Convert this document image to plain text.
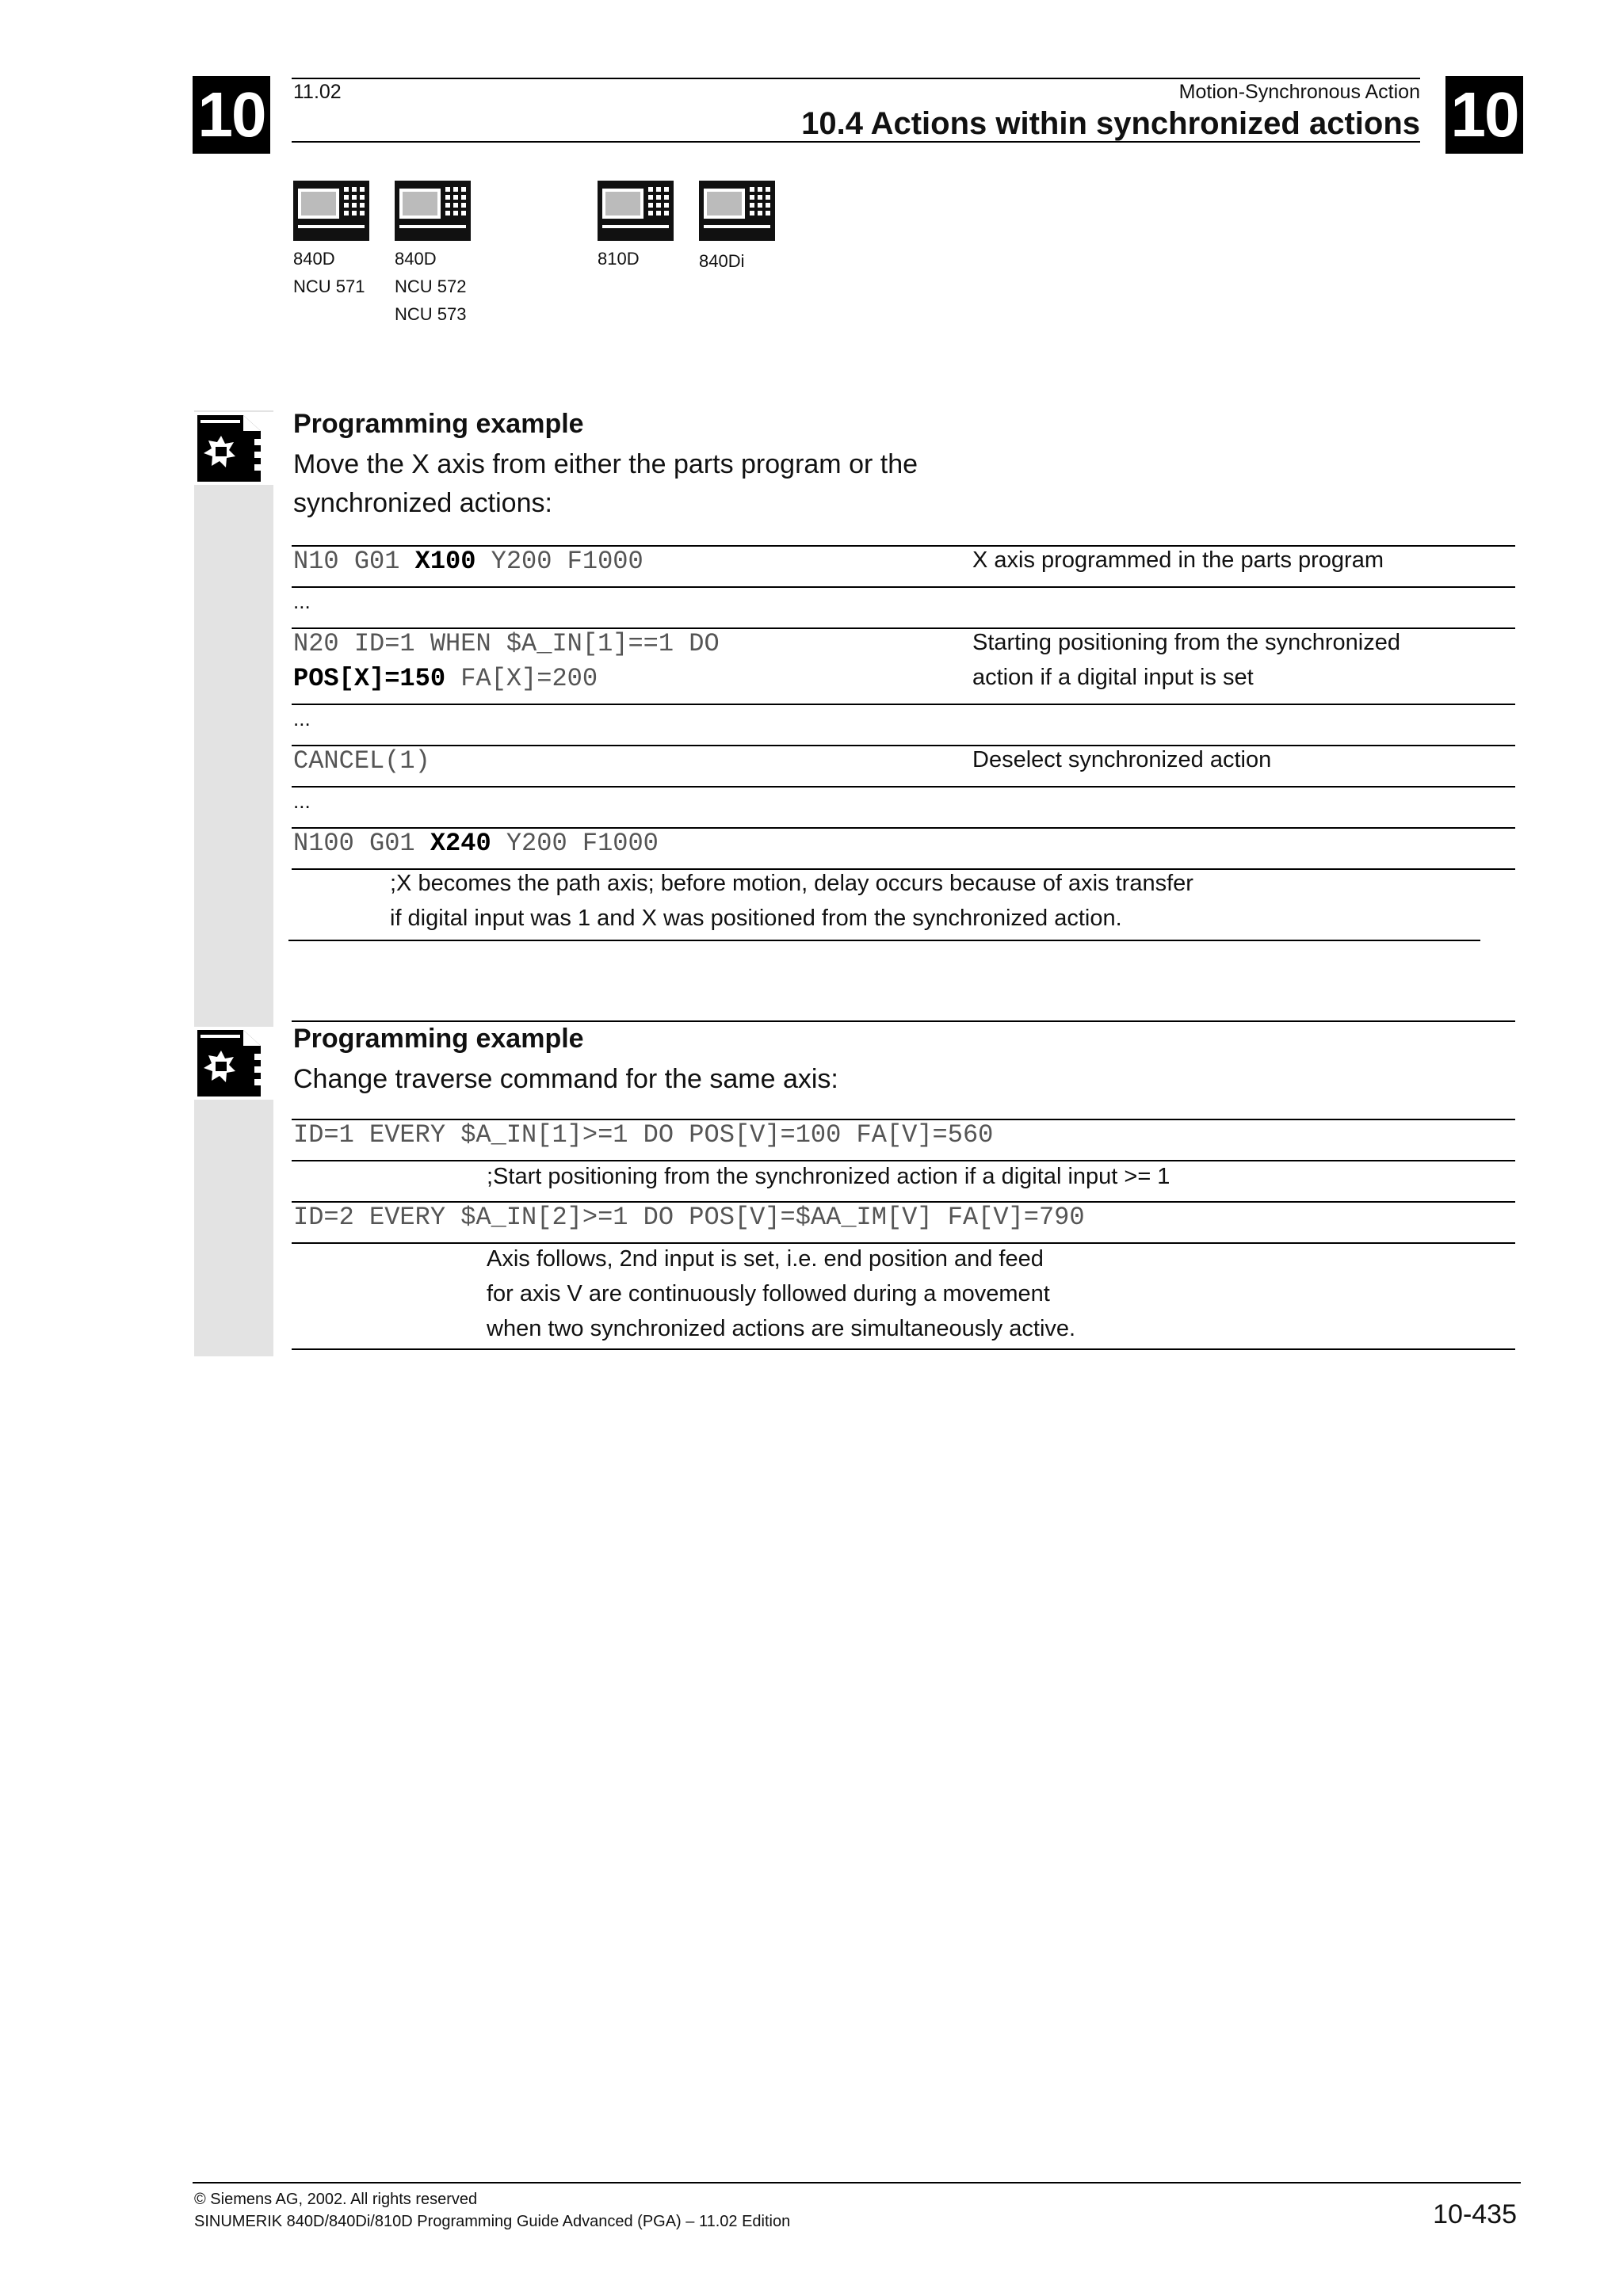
10	10
11.02	Motion-Synchronous Action
10.4 Actions within synchronized actions
840D
NCU 571
840D
NCU 572
NCU 573
810D	840Di
Programming example
Move the X axis from either the parts program or the
synchronized actions:
N10 G01 X100 Y200 F1000	X axis programmed in the parts program
...
N20 ID=1 WHEN $A_IN[1]==1 DO
POS[X]=150 FA[X]=200
Starting positioning from the synchronized
action if a digital input is set
...
CANCEL(1)	Deselect synchronized action
...
N100 G01 X240 Y200 F1000
;X becomes the path axis; before motion, delay occurs because of axis transfer
if digital input was 1 and X was positioned from the synchronized action.
Programming example
Change traverse command for the same axis:
ID=1 EVERY $A_IN[1]>=1 DO POS[V]=100 FA[V]=560
;Start positioning from the synchronized action if a digital input >= 1
ID=2 EVERY $A_IN[2]>=1 DO POS[V]=$AA_IM[V] FA[V]=790
Axis follows, 2nd input is set, i.e. end position and feed
for axis V are continuously followed during a movement
when two synchronized actions are simultaneously active.
© Siemens AG, 2002. All rights reserved
SINUMERIK 840D/840Di/810D Programming Guide Advanced (PGA) – 11.02 Edition	10-435
